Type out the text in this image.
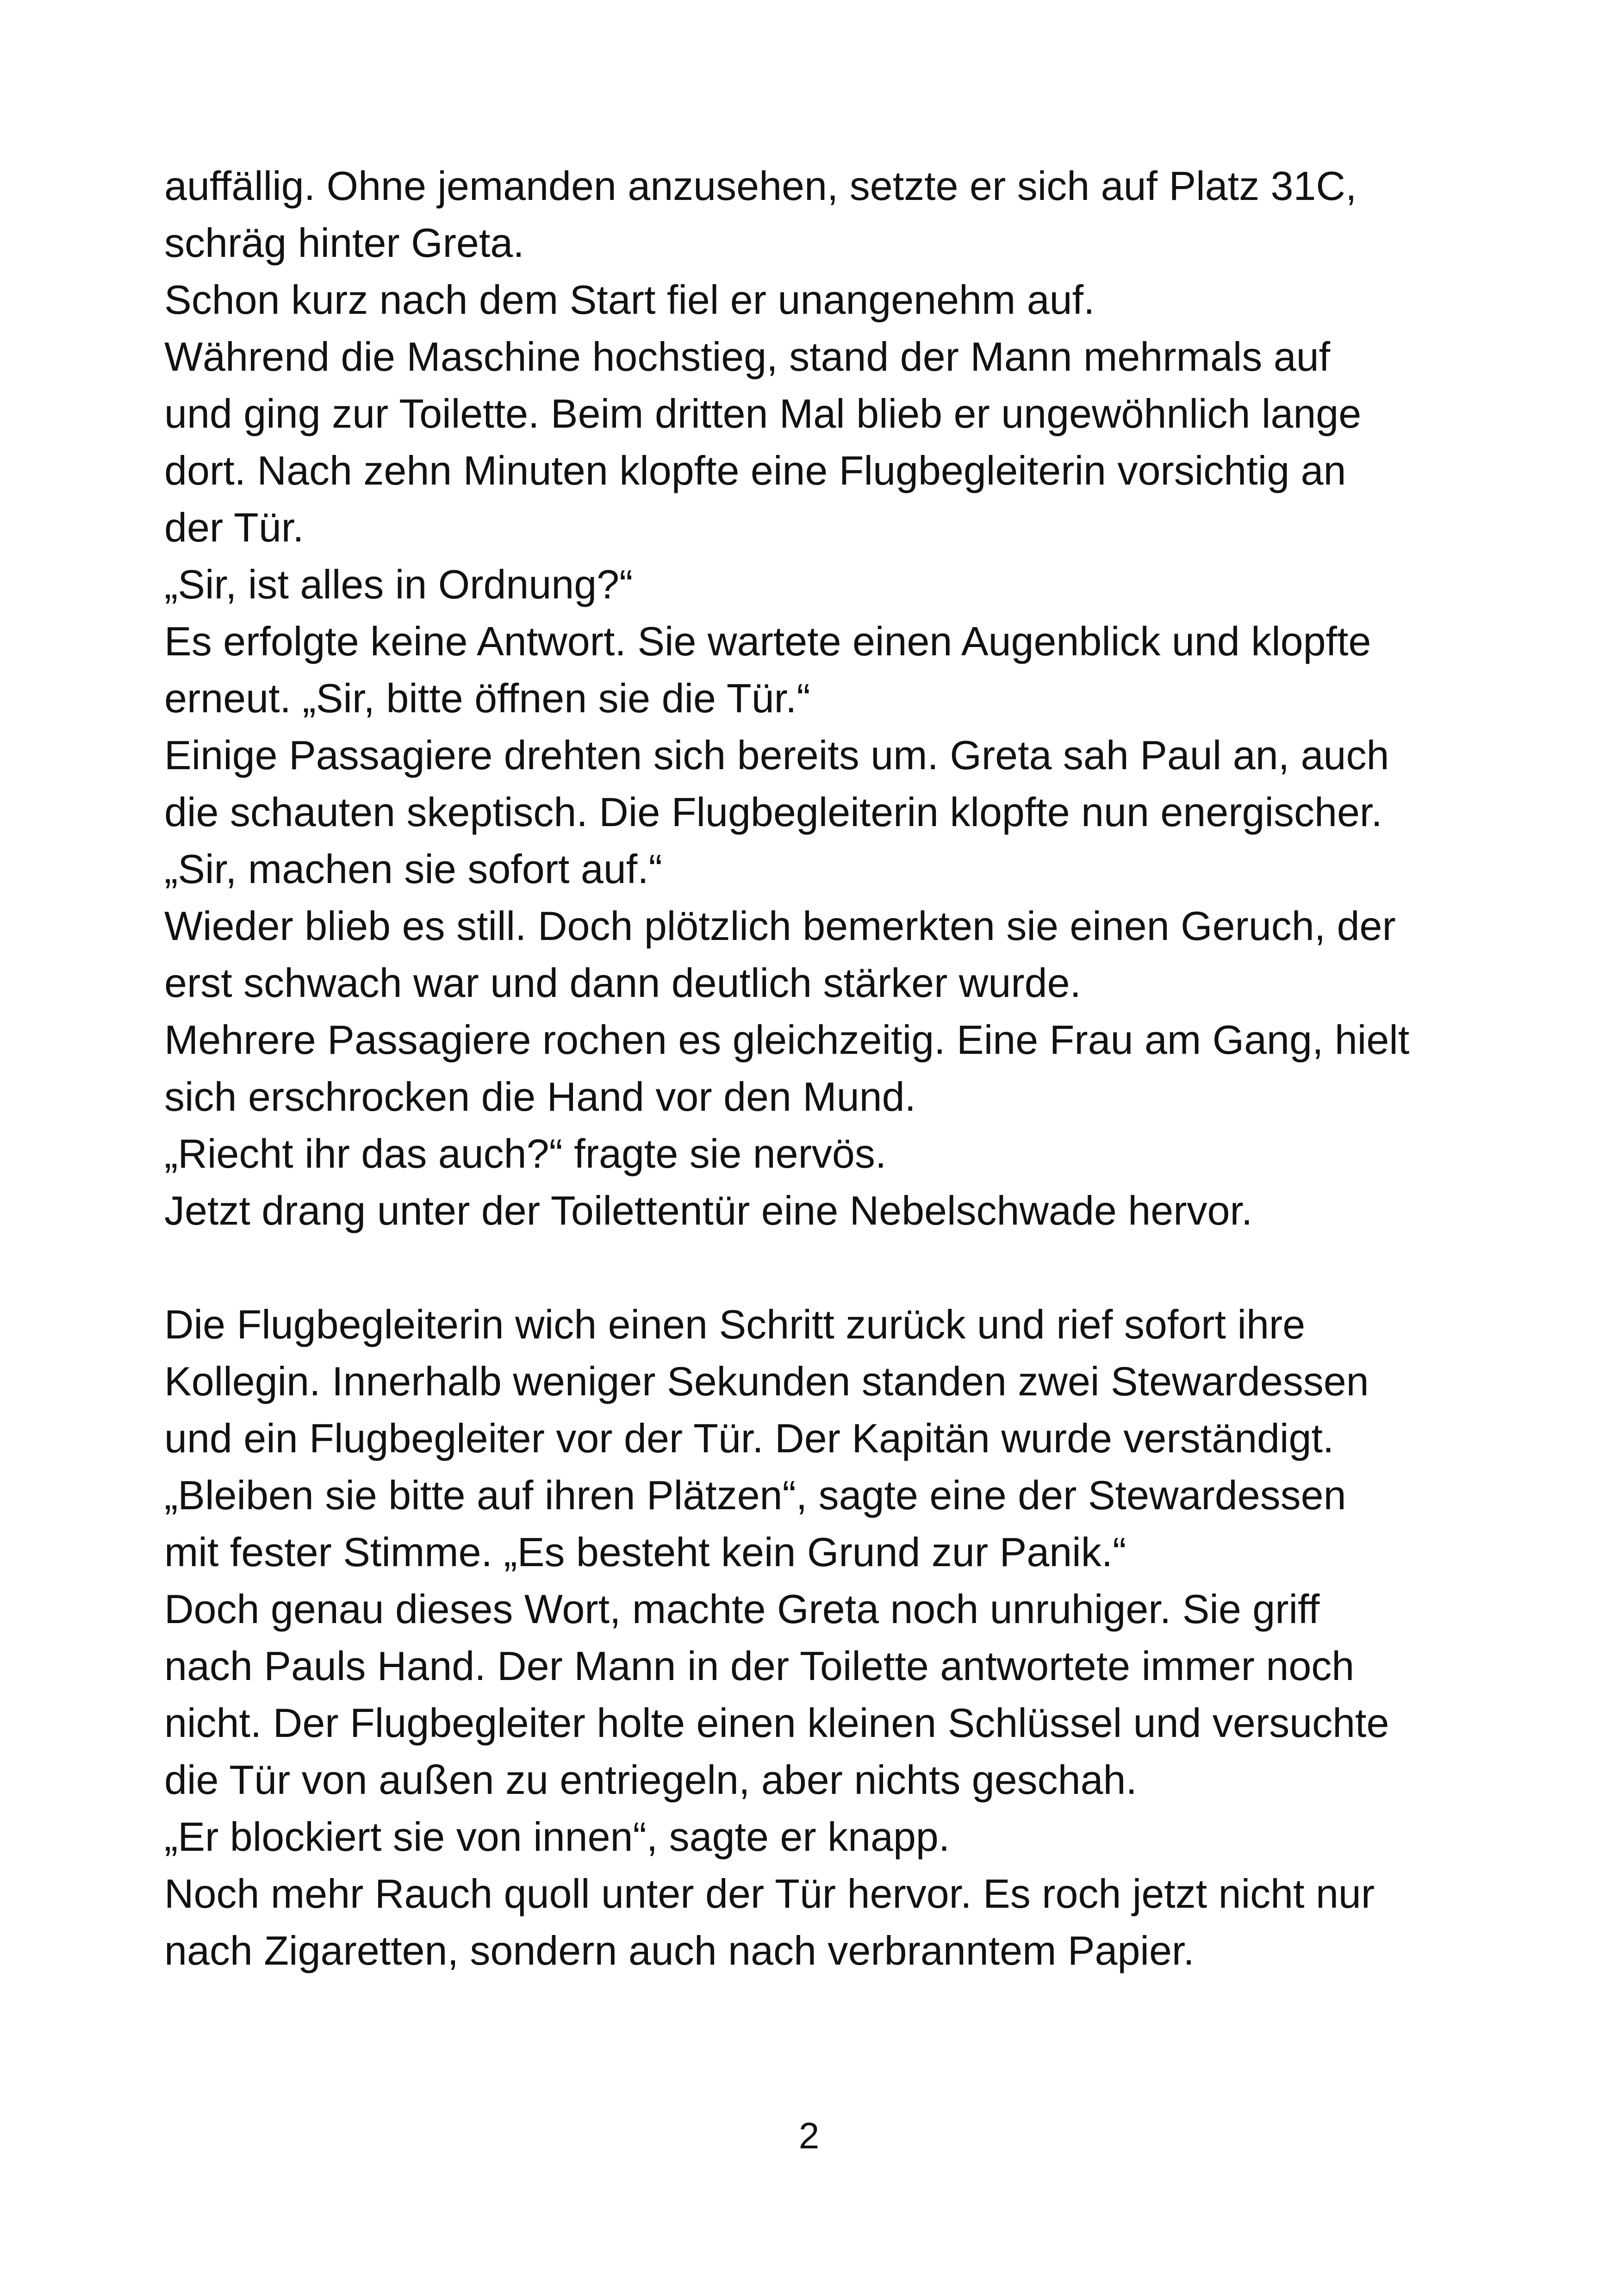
auffällig. Ohne jemanden anzusehen, setzte er sich auf Platz 31C,
schräg hinter Greta.
Schon kurz nach dem Start fiel er unangenehm auf.
Während die Maschine hochstieg, stand der Mann mehrmals auf
und ging zur Toilette. Beim dritten Mal blieb er ungewöhnlich lange
dort. Nach zehn Minuten klopfte eine Flugbegleiterin vorsichtig an
der Tür.
„Sir, ist alles in Ordnung?“
Es erfolgte keine Antwort. Sie wartete einen Augenblick und klopfte
erneut. „Sir, bitte öffnen sie die Tür.“
Einige Passagiere drehten sich bereits um. Greta sah Paul an, auch
die schauten skeptisch. Die Flugbegleiterin klopfte nun energischer.
„Sir, machen sie sofort auf.“
Wieder blieb es still. Doch plötzlich bemerkten sie einen Geruch, der
erst schwach war und dann deutlich stärker wurde.
Mehrere Passagiere rochen es gleichzeitig. Eine Frau am Gang, hielt
sich erschrocken die Hand vor den Mund.
„Riecht ihr das auch?“ fragte sie nervös.
Jetzt drang unter der Toilettentür eine Nebelschwade hervor.
Die Flugbegleiterin wich einen Schritt zurück und rief sofort ihre
Kollegin. Innerhalb weniger Sekunden standen zwei Stewardessen
und ein Flugbegleiter vor der Tür. Der Kapitän wurde verständigt.
„Bleiben sie bitte auf ihren Plätzen“, sagte eine der Stewardessen
mit fester Stimme. „Es besteht kein Grund zur Panik.“
Doch genau dieses Wort, machte Greta noch unruhiger. Sie griff
nach Pauls Hand. Der Mann in der Toilette antwortete immer noch
nicht. Der Flugbegleiter holte einen kleinen Schlüssel und versuchte
die Tür von außen zu entriegeln, aber nichts geschah.
„Er blockiert sie von innen“, sagte er knapp.
Noch mehr Rauch quoll unter der Tür hervor. Es roch jetzt nicht nur
nach Zigaretten, sondern auch nach verbranntem Papier.
2
